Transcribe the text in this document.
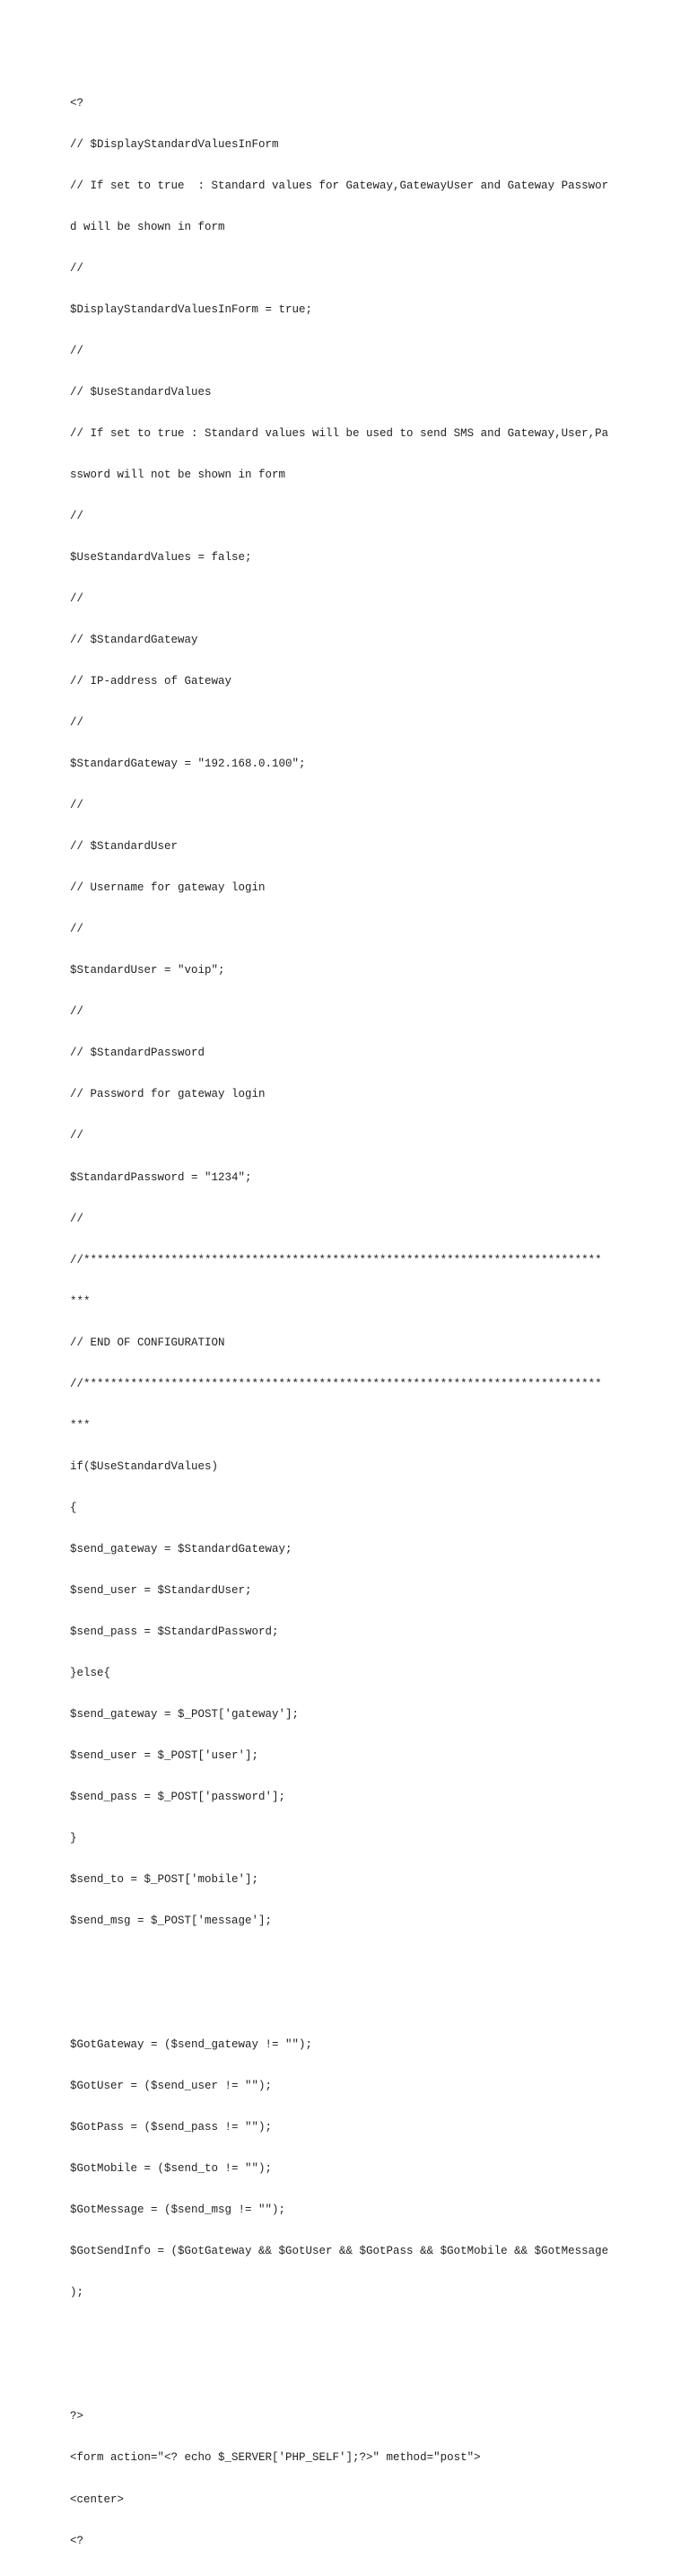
<?

// $DisplayStandardValuesInForm

// If set to true  : Standard values for Gateway,GatewayUser and Gateway Passwor

d will be shown in form

//

$DisplayStandardValuesInForm = true;

//

// $UseStandardValues

// If set to true : Standard values will be used to send SMS and Gateway,User,Pa

ssword will not be shown in form

//

$UseStandardValues = false;

//

// $StandardGateway

// IP-address of Gateway

//

$StandardGateway = "192.168.0.100";

//

// $StandardUser

// Username for gateway login

//

$StandardUser = "voip";

//

// $StandardPassword

// Password for gateway login

//

$StandardPassword = "1234";

//

//*****************************************************************************

***

// END OF CONFIGURATION

//*****************************************************************************

***

if($UseStandardValues)

{

$send_gateway = $StandardGateway;

$send_user = $StandardUser;

$send_pass = $StandardPassword;

}else{

$send_gateway = $_POST['gateway'];

$send_user = $_POST['user'];

$send_pass = $_POST['password'];

}

$send_to = $_POST['mobile'];

$send_msg = $_POST['message'];

$GotGateway = ($send_gateway != "");

$GotUser = ($send_user != "");

$GotPass = ($send_pass != "");

$GotMobile = ($send_to != "");

$GotMessage = ($send_msg != "");

$GotSendInfo = ($GotGateway && $GotUser && $GotPass && $GotMobile && $GotMessage

);

?>

<form action="<? echo $_SERVER['PHP_SELF'];?>" method="post">

<center>

<?
